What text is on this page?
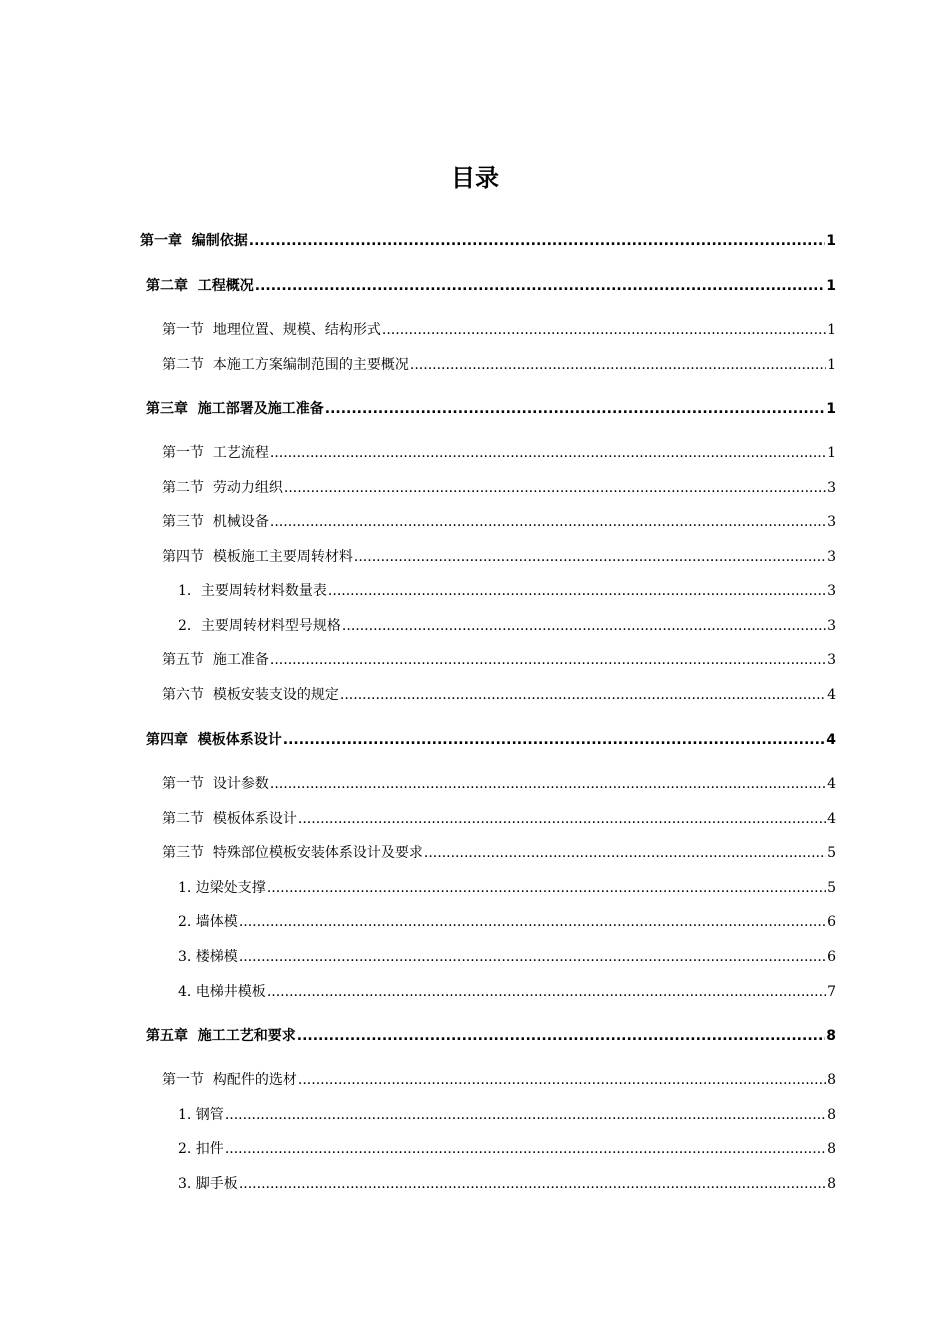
目录
第一章  编制依据 .....	1
第二章  工程概况 .....	1
第一节  地理位置、规模、结构形式 .....	1
第二节  本施工方案编制范围的主要概况 .....	1
第三章  施工部署及施工准备 .....	1
第一节  工艺流程 .....	1
第二节  劳动力组织 .....	3
第三节  机械设备 .....	3
第四节  模板施工主要周转材料 .....	3
1．主要周转材料数量表 .....	3
2．主要周转材料型号规格 .....	3
第五节  施工准备 .....	3
第六节  模板安装支设的规定 .....	4
第四章  模板体系设计 .....	4
第一节  设计参数 .....	4
第二节  模板体系设计 .....	4
第三节  特殊部位模板安装体系设计及要求 .....	5
1. 边梁处支撑 .....	5
2. 墙体模 .....	6
3. 楼梯模 .....	6
4. 电梯井模板 .....	7
第五章  施工工艺和要求 .....	8
第一节  构配件的选材 .....	8
1. 钢管 .....	8
2. 扣件 .....	8
3. 脚手板 .....	8
